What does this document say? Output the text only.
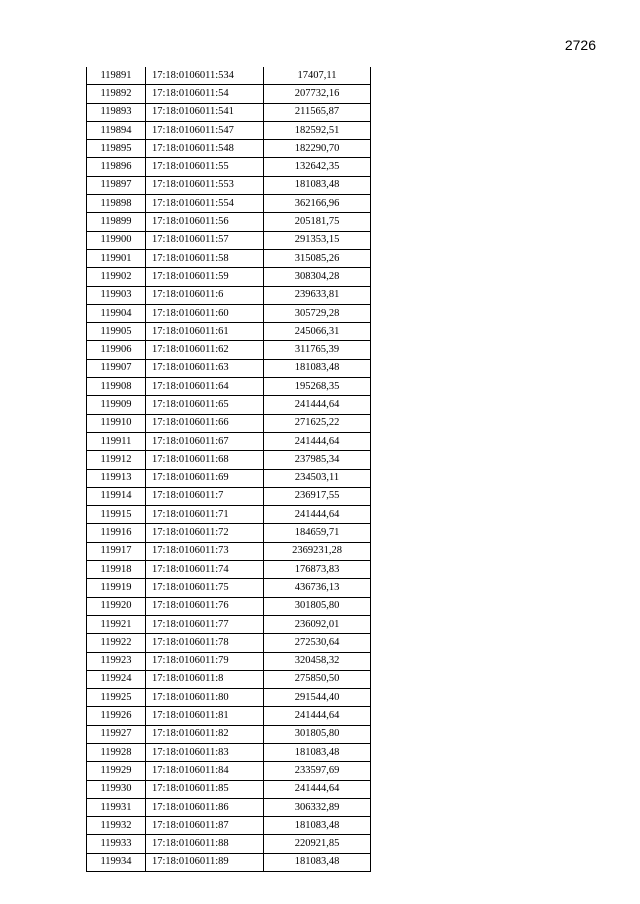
2726
119891	17:18:0106011:534	17407,11
119892	17:18:0106011:54	207732,16
119893	17:18:0106011:541	211565,87
119894	17:18:0106011:547	182592,51
119895	17:18:0106011:548	182290,70
119896	17:18:0106011:55	132642,35
119897	17:18:0106011:553	181083,48
119898	17:18:0106011:554	362166,96
119899	17:18:0106011:56	205181,75
119900	17:18:0106011:57	291353,15
119901	17:18:0106011:58	315085,26
119902	17:18:0106011:59	308304,28
119903	17:18:0106011:6	239633,81
119904	17:18:0106011:60	305729,28
119905	17:18:0106011:61	245066,31
119906	17:18:0106011:62	311765,39
119907	17:18:0106011:63	181083,48
119908	17:18:0106011:64	195268,35
119909	17:18:0106011:65	241444,64
119910	17:18:0106011:66	271625,22
119911	17:18:0106011:67	241444,64
119912	17:18:0106011:68	237985,34
119913	17:18:0106011:69	234503,11
119914	17:18:0106011:7	236917,55
119915	17:18:0106011:71	241444,64
119916	17:18:0106011:72	184659,71
119917	17:18:0106011:73	2369231,28
119918	17:18:0106011:74	176873,83
119919	17:18:0106011:75	436736,13
119920	17:18:0106011:76	301805,80
119921	17:18:0106011:77	236092,01
119922	17:18:0106011:78	272530,64
119923	17:18:0106011:79	320458,32
119924	17:18:0106011:8	275850,50
119925	17:18:0106011:80	291544,40
119926	17:18:0106011:81	241444,64
119927	17:18:0106011:82	301805,80
119928	17:18:0106011:83	181083,48
119929	17:18:0106011:84	233597,69
119930	17:18:0106011:85	241444,64
119931	17:18:0106011:86	306332,89
119932	17:18:0106011:87	181083,48
119933	17:18:0106011:88	220921,85
119934	17:18:0106011:89	181083,48
